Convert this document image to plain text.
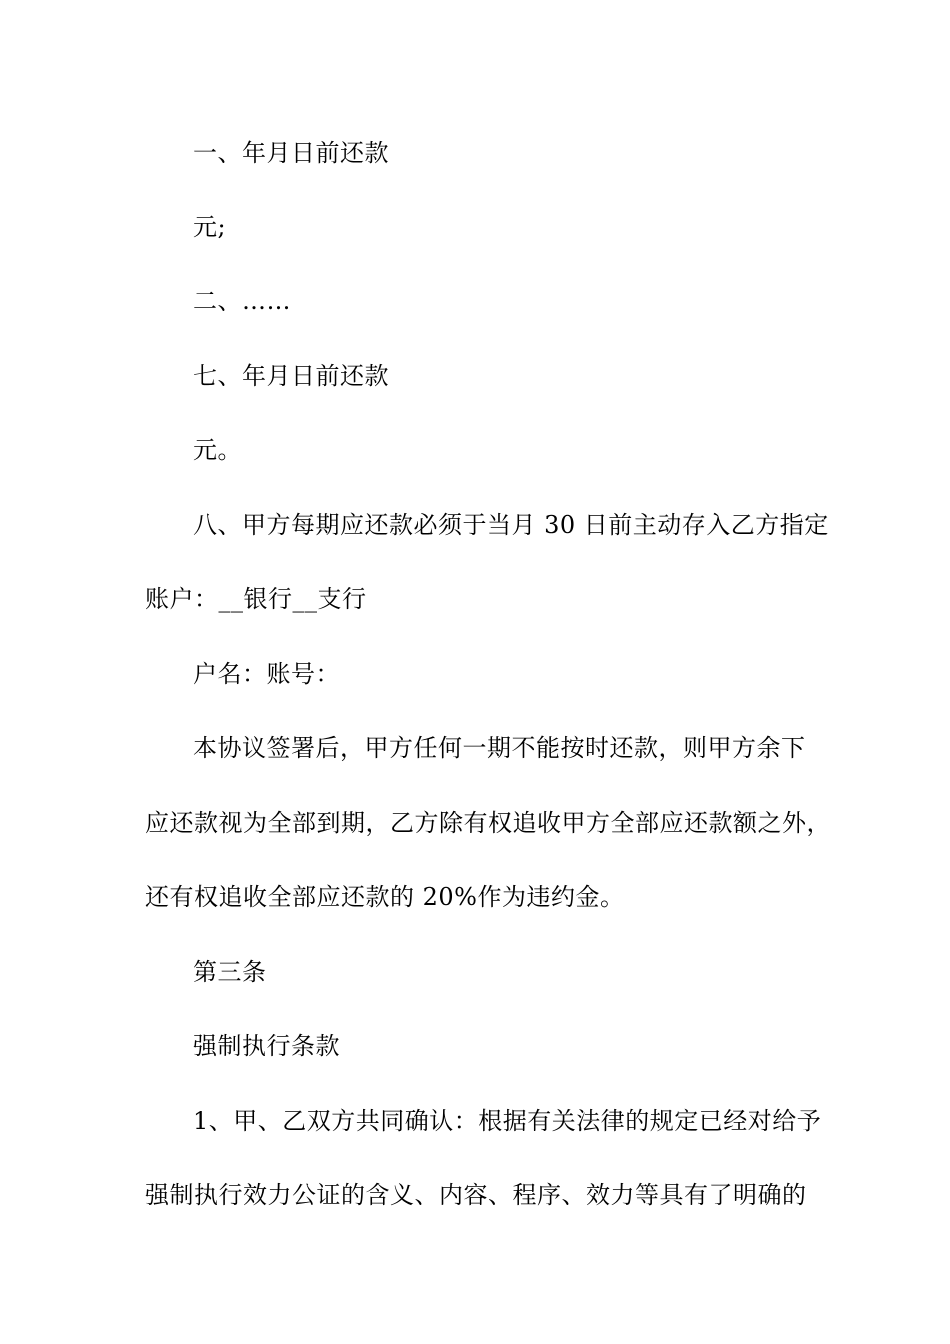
一、年月日前还款
元;
二、……
七、年月日前还款
元。
八、甲方每期应还款必须于当月 30 日前主动存入乙方指定
账户：__银行__支行
户名：账号：
本协议签署后，甲方任何一期不能按时还款，则甲方余下
应还款视为全部到期，乙方除有权追收甲方全部应还款额之外，
还有权追收全部应还款的 20%作为违约金。
第三条
强制执行条款
1、甲、乙双方共同确认：根据有关法律的规定已经对给予
强制执行效力公证的含义、内容、程序、效力等具有了明确的
